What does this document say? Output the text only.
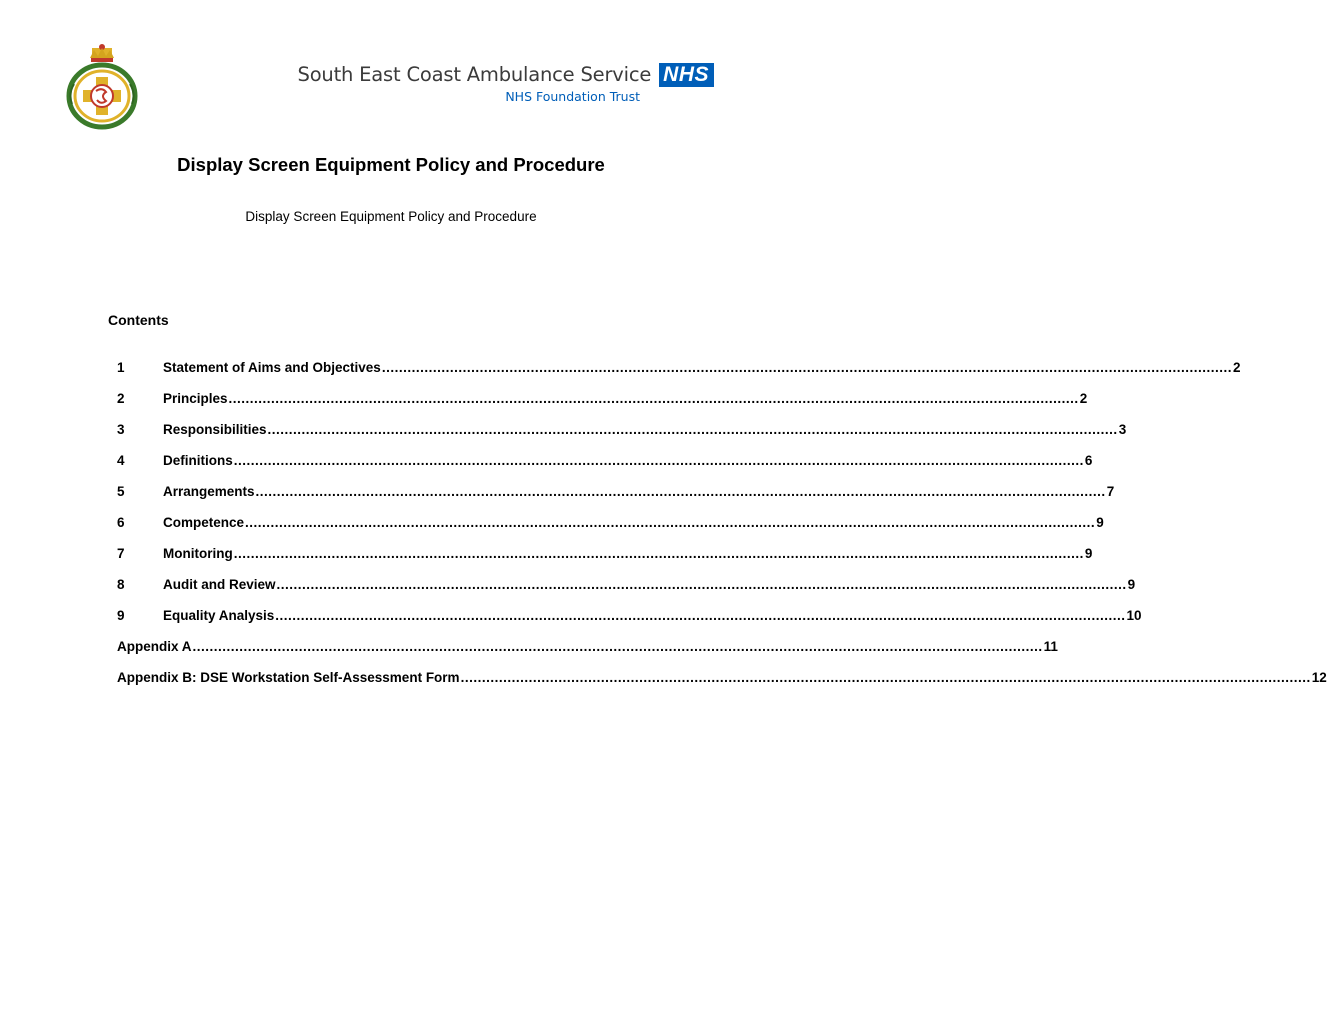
South East Coast Ambulance Service NHS
NHS Foundation Trust
Display Screen Equipment Policy and Procedure
Display Screen Equipment Policy and Procedure
Contents
1	Statement of Aims and Objectives ........................................................................................................................................................................................................ 2
2	Principles ........................................................................................................................................................................................................ 2
3	Responsibilities ........................................................................................................................................................................................................ 3
4	Definitions ........................................................................................................................................................................................................ 6
5	Arrangements ........................................................................................................................................................................................................ 7
6	Competence ........................................................................................................................................................................................................ 9
7	Monitoring ........................................................................................................................................................................................................ 9
8	Audit and Review ........................................................................................................................................................................................................ 9
9	Equality Analysis ........................................................................................................................................................................................................ 10
Appendix A ........................................................................................................................................................................................................ 11
Appendix B: DSE Workstation Self-Assessment Form ........................................................................................................................................................................................................ 12
